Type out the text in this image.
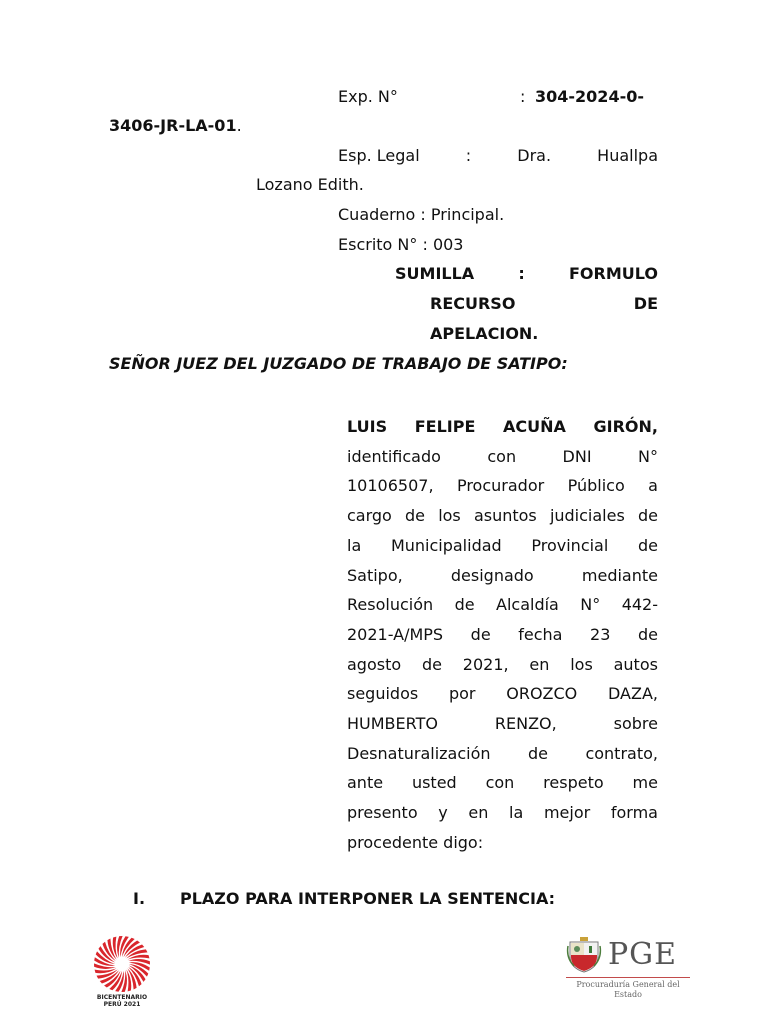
Exp. N°	: 304-2024-0-
3406-JR-LA-01.
Esp. Legal	:	Dra.	Huallpa
Lozano Edith.
Cuaderno : Principal.
Escrito N° : 003
SUMILLA	:	FORMULO
RECURSO	DE
APELACION.
SEÑOR JUEZ DEL JUZGADO DE TRABAJO DE SATIPO:
LUIS FELIPE ACUÑA GIRÓN,
identificado	con	DNI	N°
10106507, Procurador Público a
cargo de los asuntos judiciales de
la Municipalidad Provincial de
Satipo,	designado	mediante
Resolución de Alcaldía N° 442-
2021-A/MPS de fecha 23 de
agosto de 2021, en los autos
seguidos por OROZCO DAZA,
HUMBERTO	RENZO,	sobre
Desnaturalización de contrato,
ante usted con respeto me
presento y en la mejor forma
procedente digo:
I. PLAZO PARA INTERPONER LA SENTENCIA:
BICENTENARIO
PERÚ 2021
PGE
Procuraduría General del
Estado
